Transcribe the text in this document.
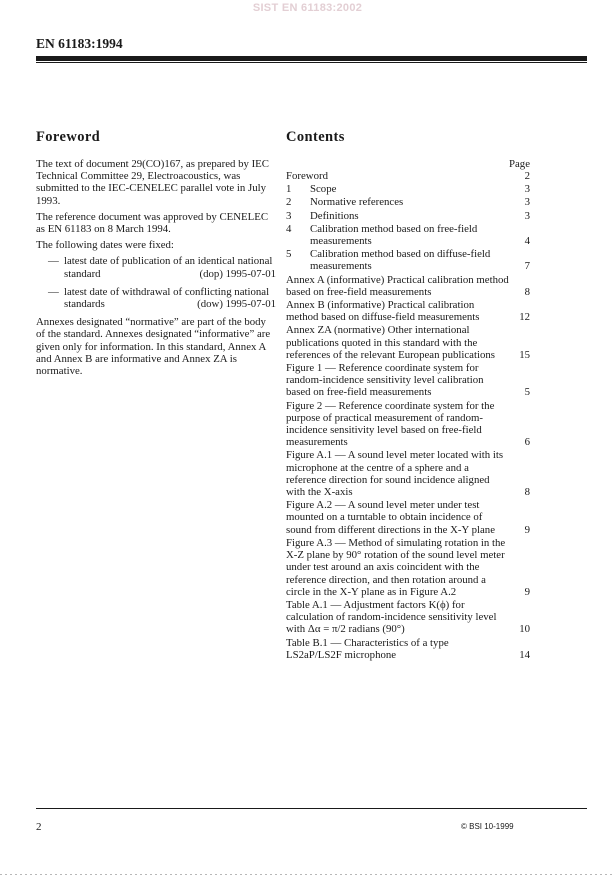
SIST EN 61183:2002
EN 61183:1994
Foreword

The text of document 29(CO)167, as prepared by IEC Technical Committee 29, Electroacoustics, was submitted to the IEC-CENELEC parallel vote in July 1993.

The reference document was approved by CENELEC as EN 61183 on 8 March 1994.

The following dates were fixed:

— latest date of publication of an identical national
standard	(dop) 1995-07-01
— latest date of withdrawal of conflicting national
standards	(dow) 1995-07-01

Annexes designated “normative” are part of the body of the standard. Annexes designated “informative” are given only for information. In this standard, Annex A and Annex B are informative and Annex ZA is normative.

Contents
Page
Foreword	2
1	Scope	3
2	Normative references	3
3	Definitions	3
4	Calibration method based on free-field measurements	4
5	Calibration method based on diffuse-field measurements	7
Annex A (informative) Practical calibration method based on free-field measurements	8
Annex B (informative) Practical calibration method based on diffuse-field measurements	12
Annex ZA (normative) Other international publications quoted in this standard with the references of the relevant European publications	15
Figure 1 — Reference coordinate system for random-incidence sensitivity level calibration based on free-field measurements	5
Figure 2 — Reference coordinate system for the purpose of practical measurement of random-incidence sensitivity level based on free-field measurements	6
Figure A.1 — A sound level meter located with its microphone at the centre of a sphere and a reference direction for sound incidence aligned with the X-axis	8
Figure A.2 — A sound level meter under test mounted on a turntable to obtain incidence of sound from different directions in the X-Y plane	9
Figure A.3 — Method of simulating rotation in the X-Z plane by 90° rotation of the sound level meter under test around an axis coincident with the reference direction, and then rotation around a circle in the X-Y plane as in Figure A.2	9
Table A.1 — Adjustment factors K(ϕ) for calculation of random-incidence sensitivity level with Δα = π/2 radians (90°)	10
Table B.1 — Characteristics of a type LS2aP/LS2F microphone	14
2	© BSI 10-1999
